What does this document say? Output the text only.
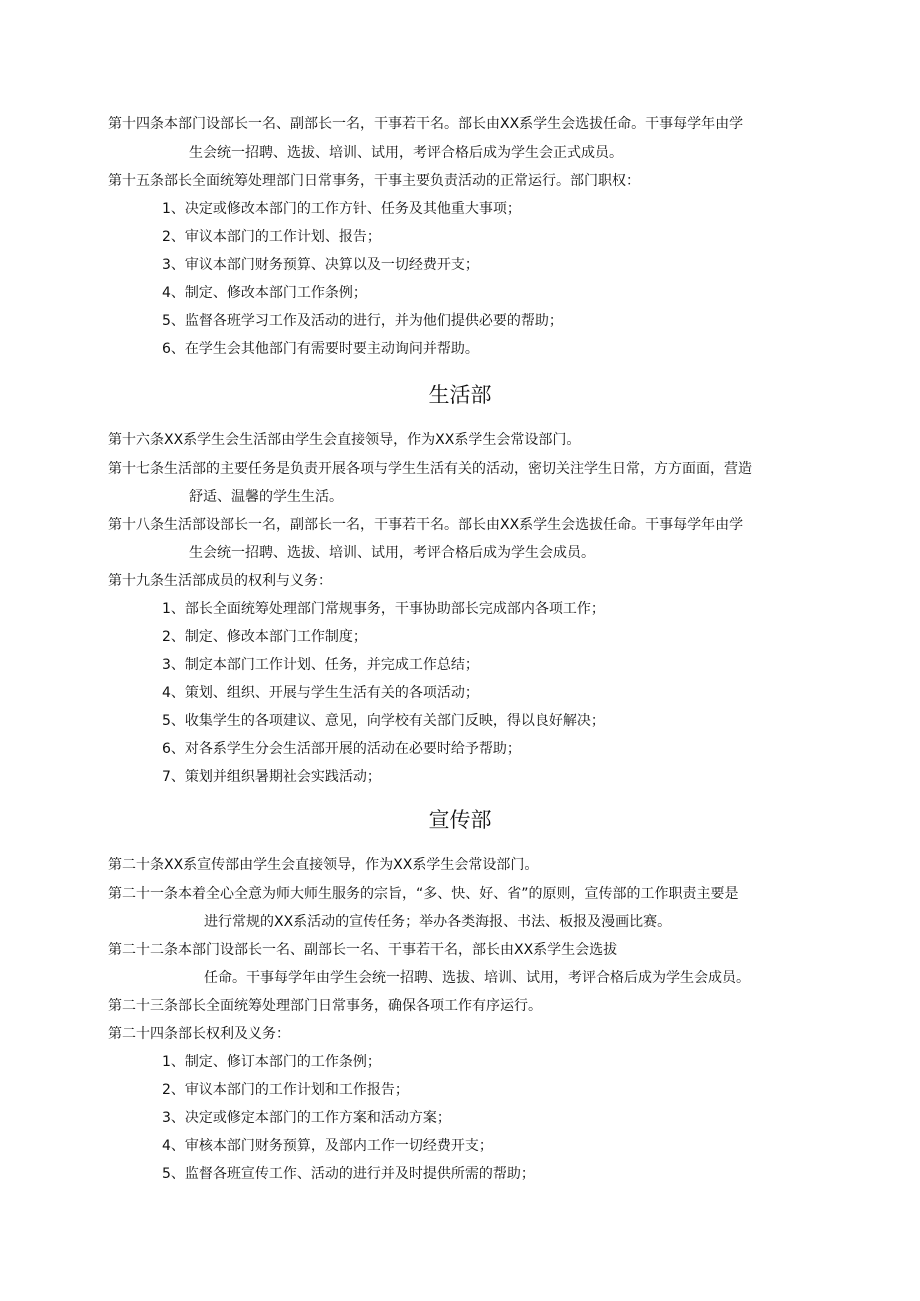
第十四条本部门设部长一名、副部长一名，干事若干名。部长由XX系学生会选拔任命。干事每学年由学
生会统一招聘、选拔、培训、试用，考评合格后成为学生会正式成员。
第十五条部长全面统筹处理部门日常事务，干事主要负责活动的正常运行。部门职权：
1、决定或修改本部门的工作方针、任务及其他重大事项；
2、审议本部门的工作计划、报告；
3、审议本部门财务预算、决算以及一切经费开支；
4、制定、修改本部门工作条例；
5、监督各班学习工作及活动的进行，并为他们提供必要的帮助；
6、在学生会其他部门有需要时要主动询问并帮助。
生活部
第十六条XX系学生会生活部由学生会直接领导，作为XX系学生会常设部门。
第十七条生活部的主要任务是负责开展各项与学生生活有关的活动，密切关注学生日常，方方面面，营造
舒适、温馨的学生生活。
第十八条生活部设部长一名，副部长一名，干事若干名。部长由XX系学生会选拔任命。干事每学年由学
生会统一招聘、选拔、培训、试用，考评合格后成为学生会成员。
第十九条生活部成员的权利与义务：
1、部长全面统筹处理部门常规事务，干事协助部长完成部内各项工作；
2、制定、修改本部门工作制度；
3、制定本部门工作计划、任务，并完成工作总结；
4、策划、组织、开展与学生生活有关的各项活动；
5、收集学生的各项建议、意见，向学校有关部门反映，得以良好解决；
6、对各系学生分会生活部开展的活动在必要时给予帮助；
7、策划并组织暑期社会实践活动；
宣传部
第二十条XX系宣传部由学生会直接领导，作为XX系学生会常设部门。
第二十一条本着全心全意为师大师生服务的宗旨，“多、快、好、省”的原则，宣传部的工作职责主要是
进行常规的XX系活动的宣传任务；举办各类海报、书法、板报及漫画比赛。
第二十二条本部门设部长一名、副部长一名、干事若干名，部长由XX系学生会选拔
任命。干事每学年由学生会统一招聘、选拔、培训、试用，考评合格后成为学生会成员。
第二十三条部长全面统筹处理部门日常事务，确保各项工作有序运行。
第二十四条部长权利及义务：
1、制定、修订本部门的工作条例；
2、审议本部门的工作计划和工作报告；
3、决定或修定本部门的工作方案和活动方案；
4、审核本部门财务预算，及部内工作一切经费开支；
5、监督各班宣传工作、活动的进行并及时提供所需的帮助；
